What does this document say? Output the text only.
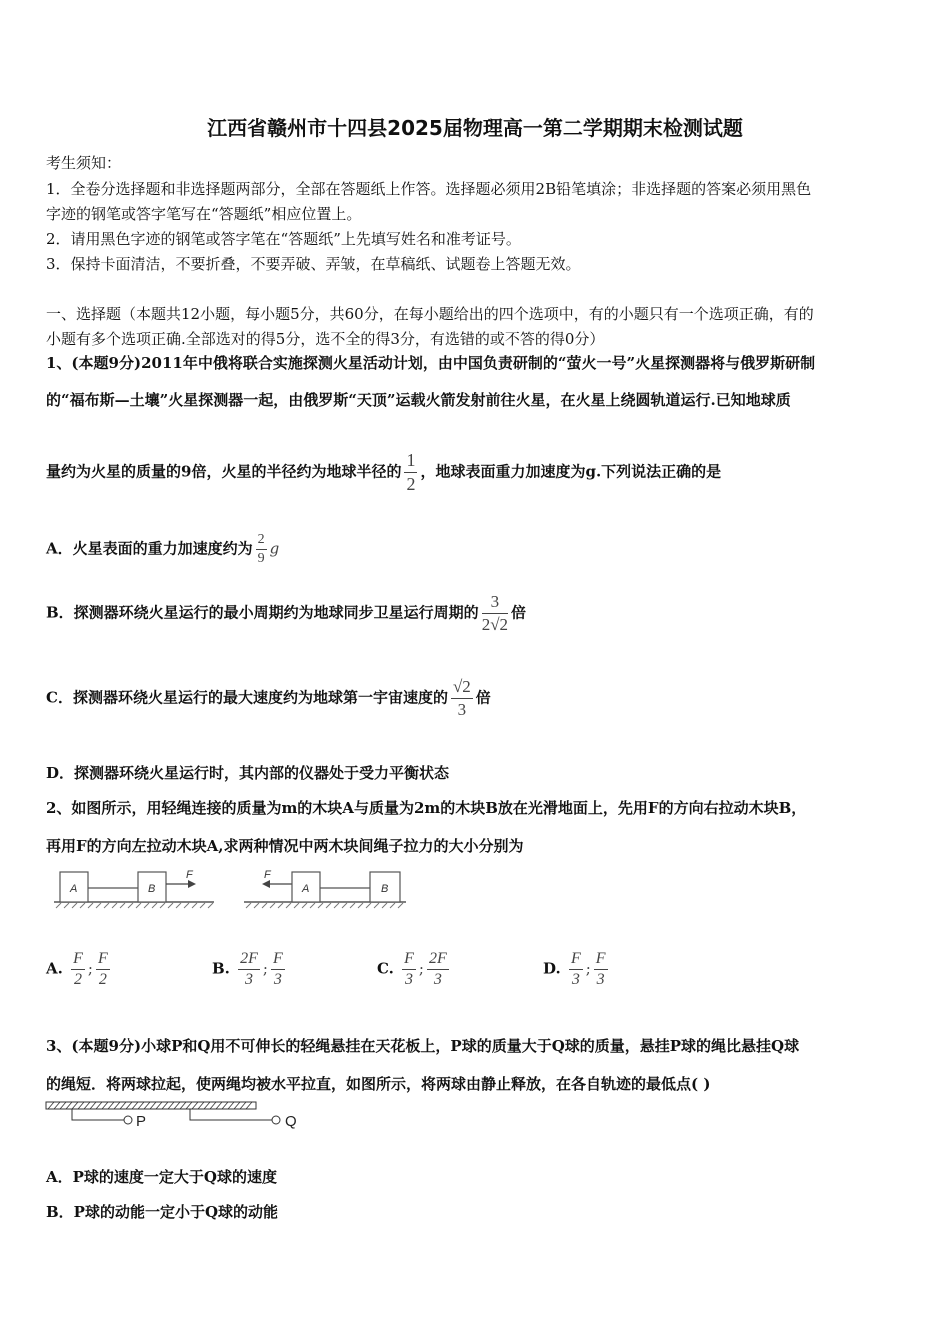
江西省赣州市十四县2025届物理高一第二学期期末检测试题
考生须知：
1．全卷分选择题和非选择题两部分，全部在答题纸上作答。选择题必须用2B铅笔填涂；非选择题的答案必须用黑色
字迹的钢笔或答字笔写在“答题纸”相应位置上。
2．请用黑色字迹的钢笔或答字笔在“答题纸”上先填写姓名和准考证号。
3．保持卡面清洁，不要折叠，不要弄破、弄皱，在草稿纸、试题卷上答题无效。
一、选择题（本题共12小题，每小题5分，共60分，在每小题给出的四个选项中，有的小题只有一个选项正确，有的
小题有多个选项正确.全部选对的得5分，选不全的得3分，有选错的或不答的得0分）
1、(本题9分)2011年中俄将联合实施探测火星活动计划，由中国负责研制的“萤火一号”火星探测器将与俄罗斯研制
的“福布斯—土壤”火星探测器一起，由俄罗斯“天顶”运载火箭发射前往火星，在火星上绕圆轨道运行.已知地球质
量约为火星的质量的9倍，火星的半径约为地球半径的 $\frac{1}{2}$ ，地球表面重力加速度为g.下列说法正确的是
A．火星表面的重力加速度约为 $\frac{2}{9}$ g
B．探测器环绕火星运行的最小周期约为地球同步卫星运行周期的 $\frac{3}{2√2}$ 倍
C．探测器环绕火星运行的最大速度约为地球第一宇宙速度的 $\frac{√2}{3}$ 倍
D．探测器环绕火星运行时，其内部的仪器处于受力平衡状态
2、如图所示，用轻绳连接的质量为m的木块A与质量为2m的木块B放在光滑地面上，先用F的方向右拉动木块B，
再用F的方向左拉动木块A,求两种情况中两木块间绳子拉力的大小分别为
A	B
F	F
A	B
A. $\frac{F}{2}$ ; $\frac{F}{2}$	B. $\frac{2F}{3}$ ; $\frac{F}{3}$	C. $\frac{F}{3}$ ; $\frac{2F}{3}$	D. $\frac{F}{3}$ ; $\frac{F}{3}$
3、(本题9分)小球P和Q用不可伸长的轻绳悬挂在天花板上，P球的质量大于Q球的质量，悬挂P球的绳比悬挂Q球
的绳短．将两球拉起，使两绳均被水平拉直，如图所示，将两球由静止释放，在各自轨迹的最低点( )
P	Q
A．P球的速度一定大于Q球的速度
B．P球的动能一定小于Q球的动能
